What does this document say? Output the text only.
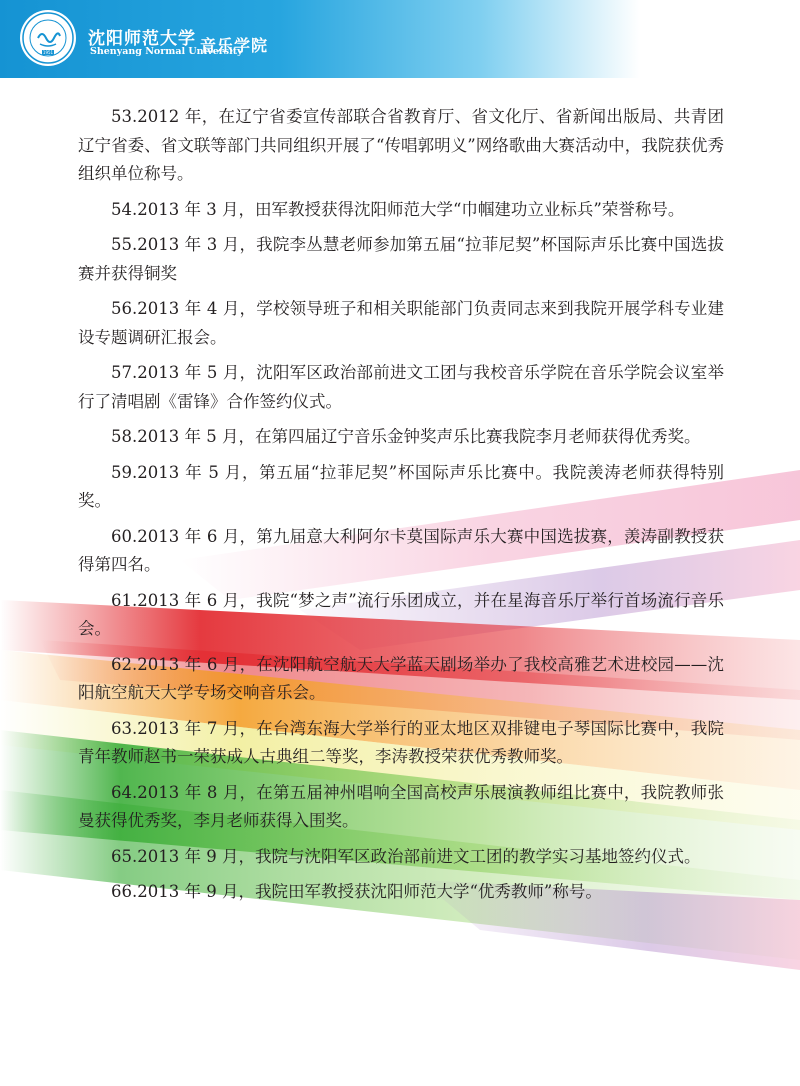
1951
沈阳师范大学
Shenyang Normal University
音乐学院

53.2012 年，在辽宁省委宣传部联合省教育厅、省文化厅、省新闻出版局、共青团辽宁省委、省文联等部门共同组织开展了“传唱郭明义”网络歌曲大赛活动中，我院获优秀组织单位称号。

54.2013 年 3 月，田军教授获得沈阳师范大学“巾帼建功立业标兵”荣誉称号。

55.2013 年 3 月，我院李丛慧老师参加第五届“拉菲尼契”杯国际声乐比赛中国选拔赛并获得铜奖

56.2013 年 4 月，学校领导班子和相关职能部门负责同志来到我院开展学科专业建设专题调研汇报会。

57.2013 年 5 月，沈阳军区政治部前进文工团与我校音乐学院在音乐学院会议室举行了清唱剧《雷锋》合作签约仪式。

58.2013 年 5 月，在第四届辽宁音乐金钟奖声乐比赛我院李月老师获得优秀奖。

59.2013 年 5 月，第五届“拉菲尼契”杯国际声乐比赛中。我院羡涛老师获得特别奖。

60.2013 年 6 月，第九届意大利阿尔卡莫国际声乐大赛中国选拔赛，羡涛副教授获得第四名。

61.2013 年 6 月，我院“梦之声”流行乐团成立，并在星海音乐厅举行首场流行音乐会。

62.2013 年 6 月，在沈阳航空航天大学蓝天剧场举办了我校高雅艺术进校园——沈阳航空航天大学专场交响音乐会。

63.2013 年 7 月，在台湾东海大学举行的亚太地区双排键电子琴国际比赛中，我院青年教师赵书一荣获成人古典组二等奖，李涛教授荣获优秀教师奖。

64.2013 年 8 月，在第五届神州唱响全国高校声乐展演教师组比赛中，我院教师张曼获得优秀奖，李月老师获得入围奖。

65.2013 年 9 月，我院与沈阳军区政治部前进文工团的教学实习基地签约仪式。

66.2013 年 9 月，我院田军教授获沈阳师范大学“优秀教师”称号。
